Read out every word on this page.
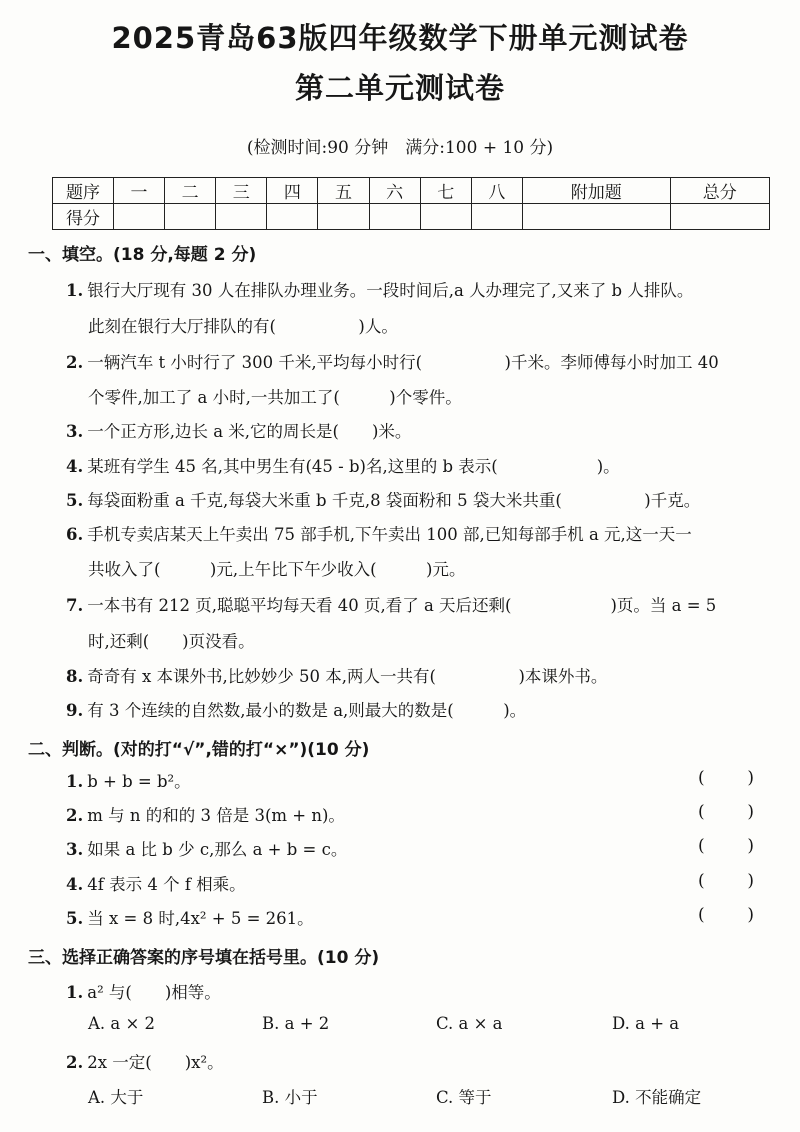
2025青岛63版四年级数学下册单元测试卷
第二单元测试卷
(检测时间:90 分钟　满分:100 + 10 分)
题序	一	二	三	四	五	六	七	八	附加题	总分
得分										
一、填空。(18 分,每题 2 分)
1. 银行大厅现有 30 人在排队办理业务。一段时间后,a 人办理完了,又来了 b 人排队。
此刻在银行大厅排队的有(　　　　　)人。
2. 一辆汽车 t 小时行了 300 千米,平均每小时行(　　　　　)千米。李师傅每小时加工 40
个零件,加工了 a 小时,一共加工了(　　　)个零件。
3. 一个正方形,边长 a 米,它的周长是(　　)米。
4. 某班有学生 45 名,其中男生有(45 - b)名,这里的 b 表示(　　　　　　)。
5. 每袋面粉重 a 千克,每袋大米重 b 千克,8 袋面粉和 5 袋大米共重(　　　　　)千克。
6. 手机专卖店某天上午卖出 75 部手机,下午卖出 100 部,已知每部手机 a 元,这一天一
共收入了(　　　)元,上午比下午少收入(　　　)元。
7. 一本书有 212 页,聪聪平均每天看 40 页,看了 a 天后还剩(　　　　　　)页。当 a = 5
时,还剩(　　)页没看。
8. 奇奇有 x 本课外书,比妙妙少 50 本,两人一共有(　　　　　)本课外书。
9. 有 3 个连续的自然数,最小的数是 a,则最大的数是(　　　)。
二、判断。(对的打“√”,错的打“×”)(10 分)
1. b + b = b²。	(	)
2. m 与 n 的和的 3 倍是 3(m + n)。	(	)
3. 如果 a 比 b 少 c,那么 a + b = c。	(	)
4. 4f 表示 4 个 f 相乘。	(	)
5. 当 x = 8 时,4x² + 5 = 261。	(	)
三、选择正确答案的序号填在括号里。(10 分)
1. a² 与(　　)相等。
A. a × 2	B. a + 2	C. a × a	D. a + a
2. 2x 一定(　　)x²。
A. 大于	B. 小于	C. 等于	D. 不能确定
